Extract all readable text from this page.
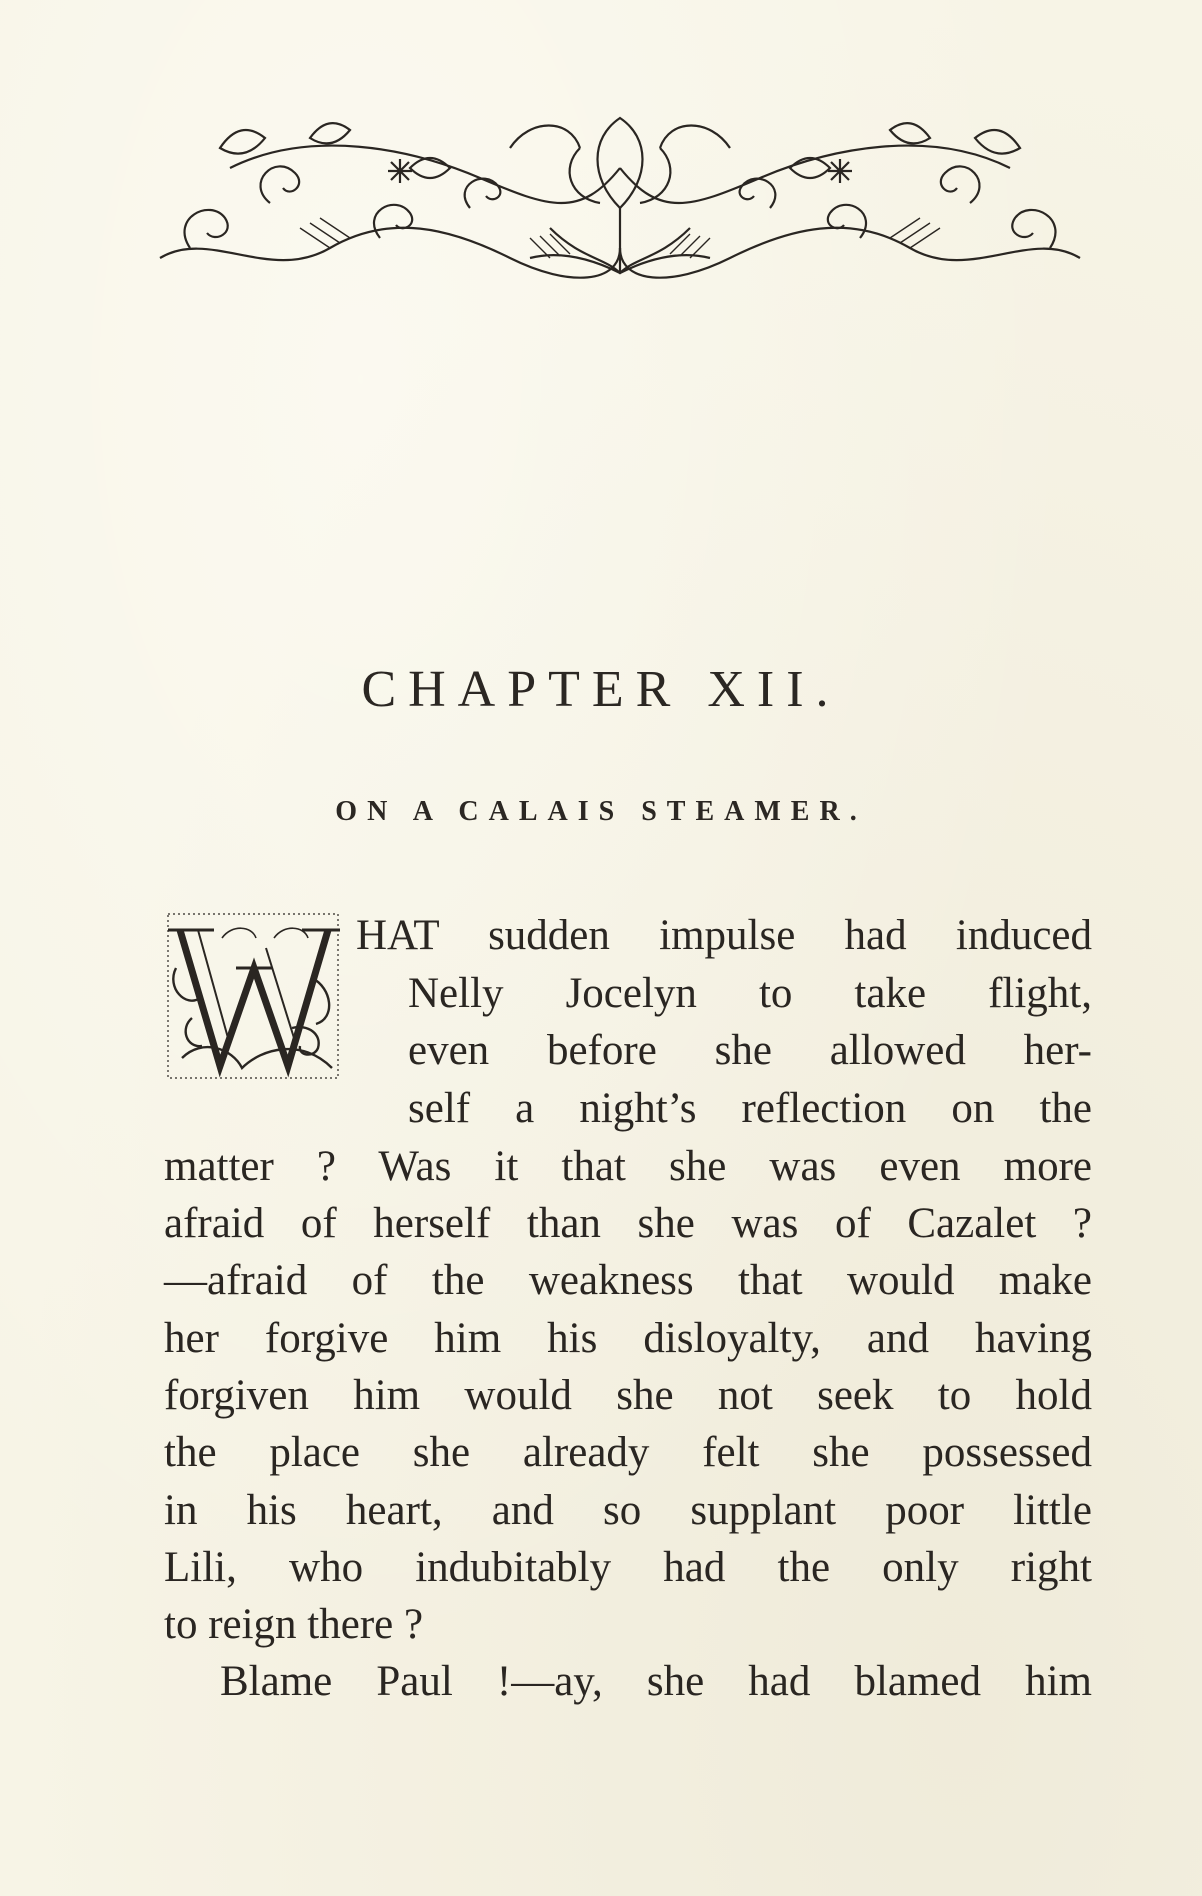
CHAPTER XII.
ON A CALAIS STEAMER.
HAT sudden impulse had induced
Nelly Jocelyn to take flight,
even before she allowed her-
self a night’s reflection on the
matter ? Was it that she was even more
afraid of herself than she was of Cazalet ?
—afraid of the weakness that would make
her forgive him his disloyalty, and having
forgiven him would she not seek to hold
the place she already felt she possessed
in his heart, and so supplant poor little
Lili, who indubitably had the only right
to reign there ?
Blame Paul !—ay, she had blamed him
